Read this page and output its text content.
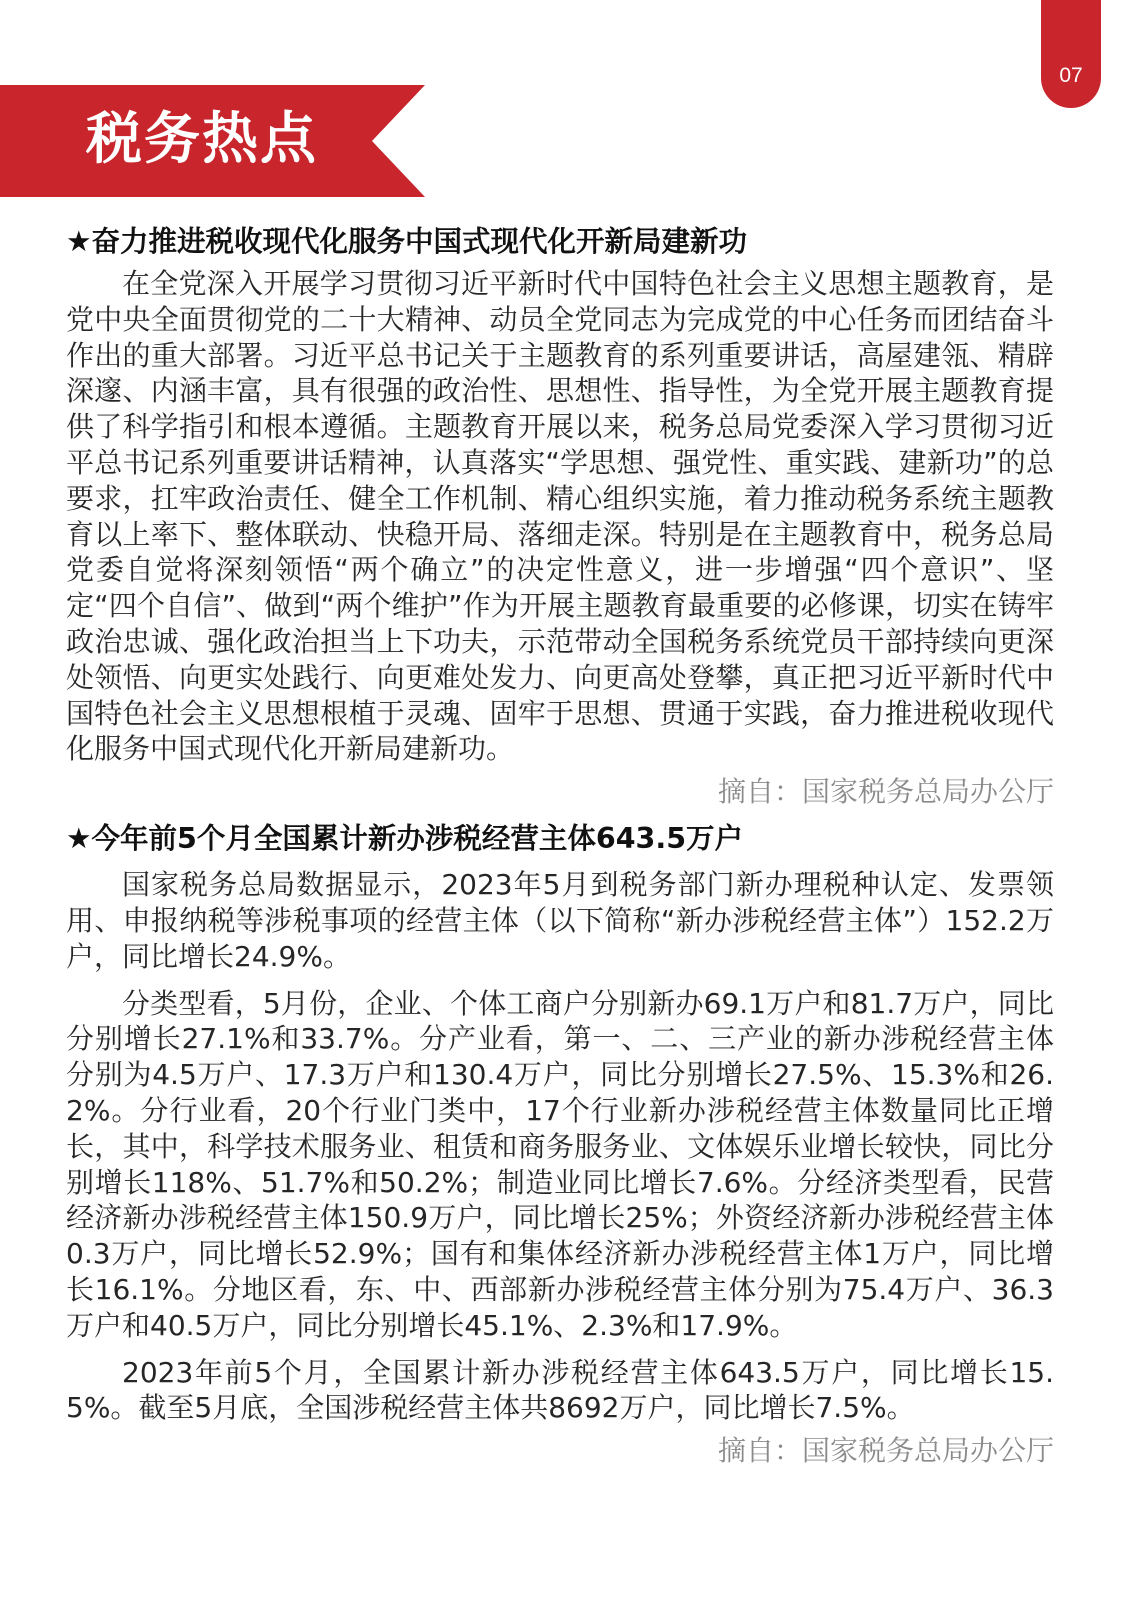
07
税务热点
★奋力推进税收现代化服务中国式现代化开新局建新功

在全党深入开展学习贯彻习近平新时代中国特色社会主义思想主题教育，是党中央全面贯彻党的二十大精神、动员全党同志为完成党的中心任务而团结奋斗作出的重大部署。习近平总书记关于主题教育的系列重要讲话，高屋建瓴、精辟深邃、内涵丰富，具有很强的政治性、思想性、指导性，为全党开展主题教育提供了科学指引和根本遵循。主题教育开展以来，税务总局党委深入学习贯彻习近平总书记系列重要讲话精神，认真落实“学思想、强党性、重实践、建新功”的总要求，扛牢政治责任、健全工作机制、精心组织实施，着力推动税务系统主题教育以上率下、整体联动、快稳开局、落细走深。特别是在主题教育中，税务总局党委自觉将深刻领悟“两个确立”的决定性意义，进一步增强“四个意识”、坚定“四个自信”、做到“两个维护”作为开展主题教育最重要的必修课，切实在铸牢政治忠诚、强化政治担当上下功夫，示范带动全国税务系统党员干部持续向更深处领悟、向更实处践行、向更难处发力、向更高处登攀，真正把习近平新时代中国特色社会主义思想根植于灵魂、固牢于思想、贯通于实践，奋力推进税收现代化服务中国式现代化开新局建新功。

摘自：国家税务总局办公厅

★今年前5个月全国累计新办涉税经营主体643.5万户

国家税务总局数据显示，2023年5月到税务部门新办理税种认定、发票领用、申报纳税等涉税事项的经营主体（以下简称“新办涉税经营主体”）152.2万户，同比增长24.9%。

分类型看，5月份，企业、个体工商户分别新办69.1万户和81.7万户，同比分别增长27.1%和33.7%。分产业看，第一、二、三产业的新办涉税经营主体分别为4.5万户、17.3万户和130.4万户，同比分别增长27.5%、15.3%和26.2%。分行业看，20个行业门类中，17个行业新办涉税经营主体数量同比正增长，其中，科学技术服务业、租赁和商务服务业、文体娱乐业增长较快，同比分别增长118%、51.7%和50.2%；制造业同比增长7.6%。分经济类型看，民营经济新办涉税经营主体150.9万户，同比增长25%；外资经济新办涉税经营主体0.3万户，同比增长52.9%；国有和集体经济新办涉税经营主体1万户，同比增长16.1%。分地区看，东、中、西部新办涉税经营主体分别为75.4万户、36.3万户和40.5万户，同比分别增长45.1%、2.3%和17.9%。

2023年前5个月，全国累计新办涉税经营主体643.5万户，同比增长15.5%。截至5月底，全国涉税经营主体共8692万户，同比增长7.5%。

摘自：国家税务总局办公厅
